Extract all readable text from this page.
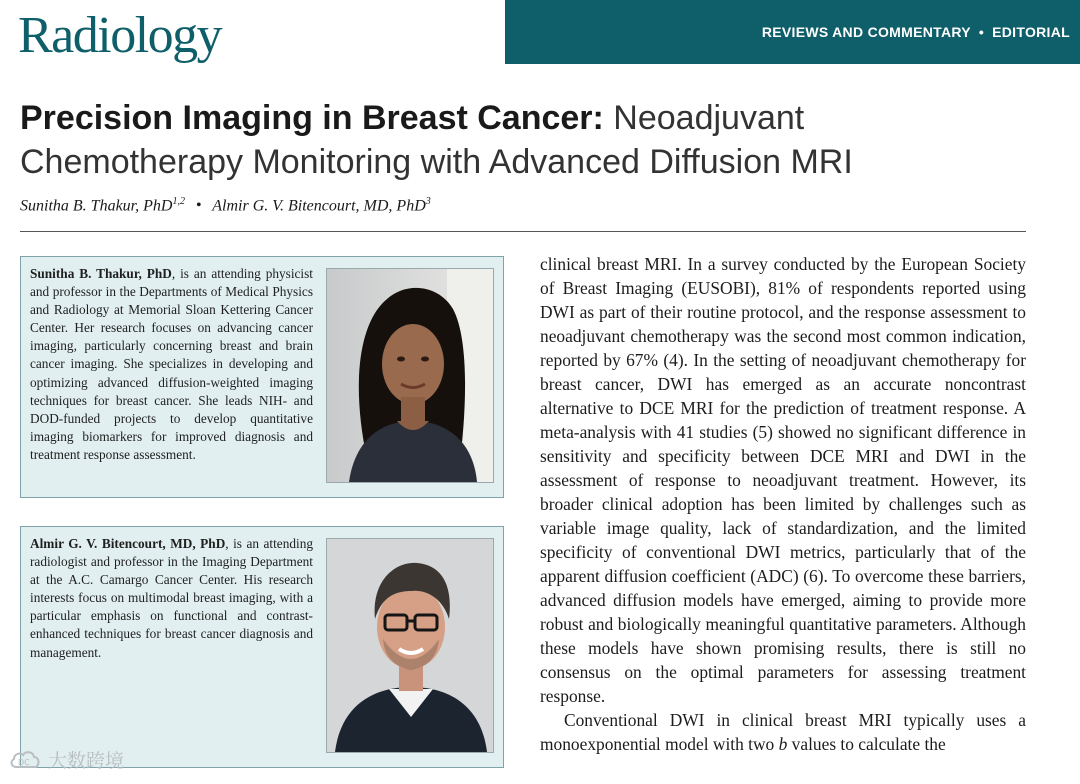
Radiology	REVIEWS AND COMMENTARY • EDITORIAL
Precision Imaging in Breast Cancer: Neoadjuvant Chemotherapy Monitoring with Advanced Diffusion MRI
Sunitha B. Thakur, PhD$^{1,2}$ • Almir G. V. Bitencourt, MD, PhD$^3$
Sunitha B. Thakur, PhD, is an attending physicist and professor in the Departments of Medical Physics and Radiology at Memorial Sloan Kettering Cancer Center. Her research focuses on advancing cancer imaging, particularly concerning breast and brain cancer imaging. She specializes in developing and optimizing advanced diffusion-weighted imaging techniques for breast cancer. She leads NIH- and DOD-funded projects to develop quantitative imaging biomarkers for improved diagnosis and treatment response assessment.
Almir G. V. Bitencourt, MD, PhD, is an attending radiologist and professor in the Imaging Department at the A.C. Camargo Cancer Center. His research interests focus on multimodal breast imaging, with a particular emphasis on functional and contrast-enhanced techniques for breast cancer diagnosis and management.

clinical breast MRI. In a survey conducted by the European Society of Breast Imaging (EUSOBI), 81% of respondents reported using DWI as part of their routine protocol, and the response assessment to neoadjuvant chemotherapy was the second most common indication, reported by 67% (4). In the setting of neoadjuvant chemotherapy for breast cancer, DWI has emerged as an accurate noncontrast alternative to DCE MRI for the prediction of treatment response. A meta-analysis with 41 studies (5) showed no significant difference in sensitivity and specificity between DCE MRI and DWI in the assessment of response to neoadjuvant treatment. However, its broader clinical adoption has been limited by challenges such as variable image quality, lack of standardization, and the limited specificity of conventional DWI metrics, particularly that of the apparent diffusion coefficient (ADC) (6). To overcome these barriers, advanced diffusion models have emerged, aiming to provide more robust and biologically meaningful quantitative parameters. Although these models have shown promising results, there is still no consensus on the optimal parameters for assessing treatment response.

Conventional DWI in clinical breast MRI typically uses a monoexponential model with two b values to calculate the

DC 大数跨境
